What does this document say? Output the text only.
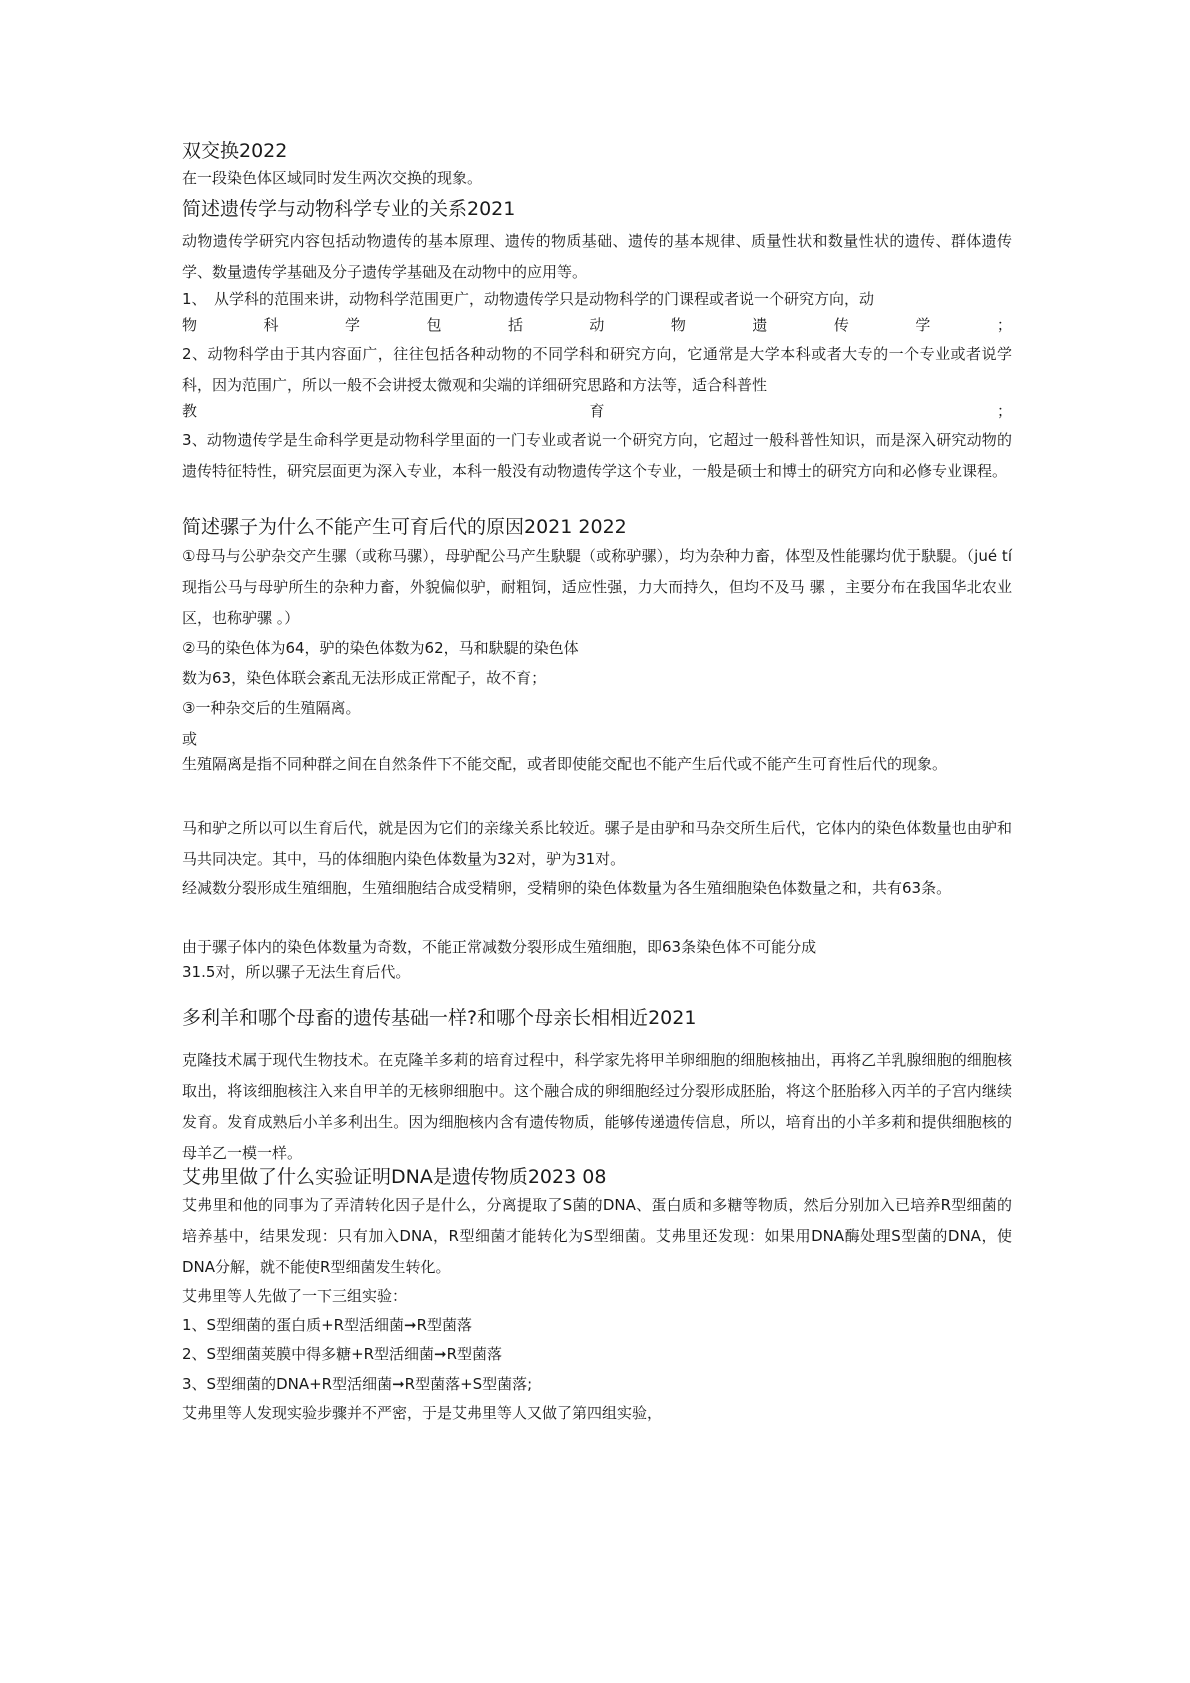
双交换2022
在一段染色体区域同时发生两次交换的现象。
简述遗传学与动物科学专业的关系2021
动物遗传学研究内容包括动物遗传的基本原理、遗传的物质基础、遗传的基本规律、质量性状和数量性状的遗传、群体遗传学、数量遗传学基础及分子遗传学基础及在动物中的应用等。
1、　从学科的范围来讲，动物科学范围更广，动物遗传学只是动物科学的门课程或者说一个研究方向，动
物	科	学	包	括	动	物	遗	传	学	；
2、动物科学由于其内容面广，往往包括各种动物的不同学科和研究方向，它通常是大学本科或者大专的一个专业或者说学科，因为范围广，所以一般不会讲授太微观和尖端的详细研究思路和方法等，适合科普性
教	育	；
3、动物遗传学是生命科学更是动物科学里面的一门专业或者说一个研究方向，它超过一般科普性知识，而是深入研究动物的遗传特征特性，研究层面更为深入专业，本科一般没有动物遗传学这个专业，一般是硕士和博士的研究方向和必修专业课程。
简述骡子为什么不能产生可育后代的原因2021 2022
①母马与公驴杂交产生骡（或称马骡），母驴配公马产生駃騠（或称驴骡），均为杂种力畜，体型及性能骡均优于駃騠。（jué tí 现指公马与母驴所生的杂种力畜，外貌偏似驴，耐粗饲，适应性强，力大而持久，但均不及马 骡 ，主要分布在我国华北农业区，也称驴骡 。）
②马的染色体为64，驴的染色体数为62，马和駃騠的染色体
数为63，染色体联会紊乱无法形成正常配子，故不育；
③一种杂交后的生殖隔离。
或
生殖隔离是指不同种群之间在自然条件下不能交配，或者即使能交配也不能产生后代或不能产生可育性后代的现象。
马和驴之所以可以生育后代，就是因为它们的亲缘关系比较近。骡子是由驴和马杂交所生后代，它体内的染色体数量也由驴和马共同决定。其中，马的体细胞内染色体数量为32对，驴为31对。
经减数分裂形成生殖细胞，生殖细胞结合成受精卵，受精卵的染色体数量为各生殖细胞染色体数量之和，共有63条。
由于骡子体内的染色体数量为奇数，不能正常减数分裂形成生殖细胞，即63条染色体不可能分成
31.5对，所以骡子无法生育后代。
多利羊和哪个母畜的遗传基础一样?和哪个母亲长相相近2021
克隆技术属于现代生物技术。在克隆羊多莉的培育过程中，科学家先将甲羊卵细胞的细胞核抽出，再将乙羊乳腺细胞的细胞核取出，将该细胞核注入来自甲羊的无核卵细胞中。这个融合成的卵细胞经过分裂形成胚胎，将这个胚胎移入丙羊的子宫内继续发育。发育成熟后小羊多利出生。因为细胞核内含有遗传物质，能够传递遗传信息，所以，培育出的小羊多莉和提供细胞核的母羊乙一模一样。
艾弗里做了什么实验证明DNA是遗传物质2023 08
艾弗里和他的同事为了弄清转化因子是什么，分离提取了S菌的DNA、蛋白质和多糖等物质，然后分别加入已培养R型细菌的培养基中，结果发现：只有加入DNA，R型细菌才能转化为S型细菌。艾弗里还发现：如果用DNA酶处理S型菌的DNA，使DNA分解，就不能使R型细菌发生转化。
艾弗里等人先做了一下三组实验：
1、S型细菌的蛋白质+R型活细菌➞R型菌落
2、S型细菌荚膜中得多糖+R型活细菌➞R型菌落
3、S型细菌的DNA+R型活细菌➞R型菌落+S型菌落;
艾弗里等人发现实验步骤并不严密，于是艾弗里等人又做了第四组实验，
